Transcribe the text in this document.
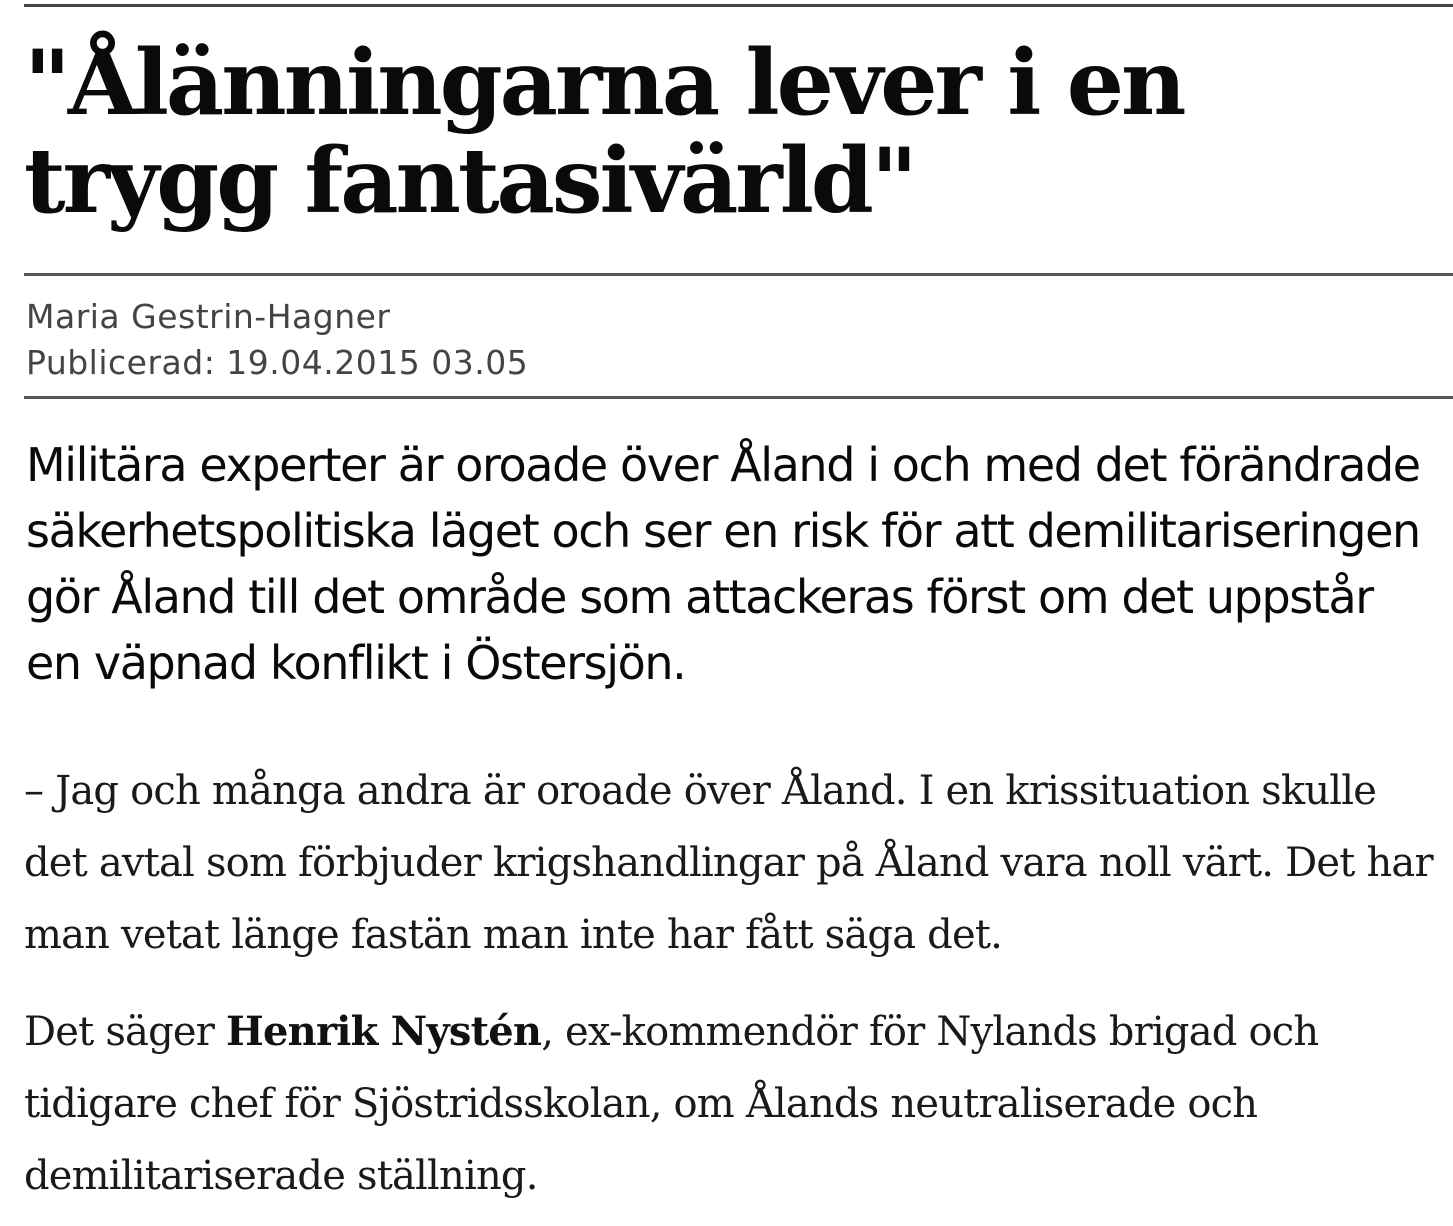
"Ålänningarna lever i en trygg fantasivärld"
Maria Gestrin-Hagner
Publicerad: 19.04.2015 03.05

Militära experter är oroade över Åland i och med det förändrade säkerhetspolitiska läget och ser en risk för att demilitariseringen gör Åland till det område som attackeras först om det uppstår en väpnad konflikt i Östersjön.

– Jag och många andra är oroade över Åland. I en krissituation skulle det avtal som förbjuder krigshandlingar på Åland vara noll värt. Det har man vetat länge fastän man inte har fått säga det.

Det säger Henrik Nystén, ex-kommendör för Nylands brigad och tidigare chef för Sjöstridsskolan, om Ålands neutraliserade och demilitariserade ställning.
